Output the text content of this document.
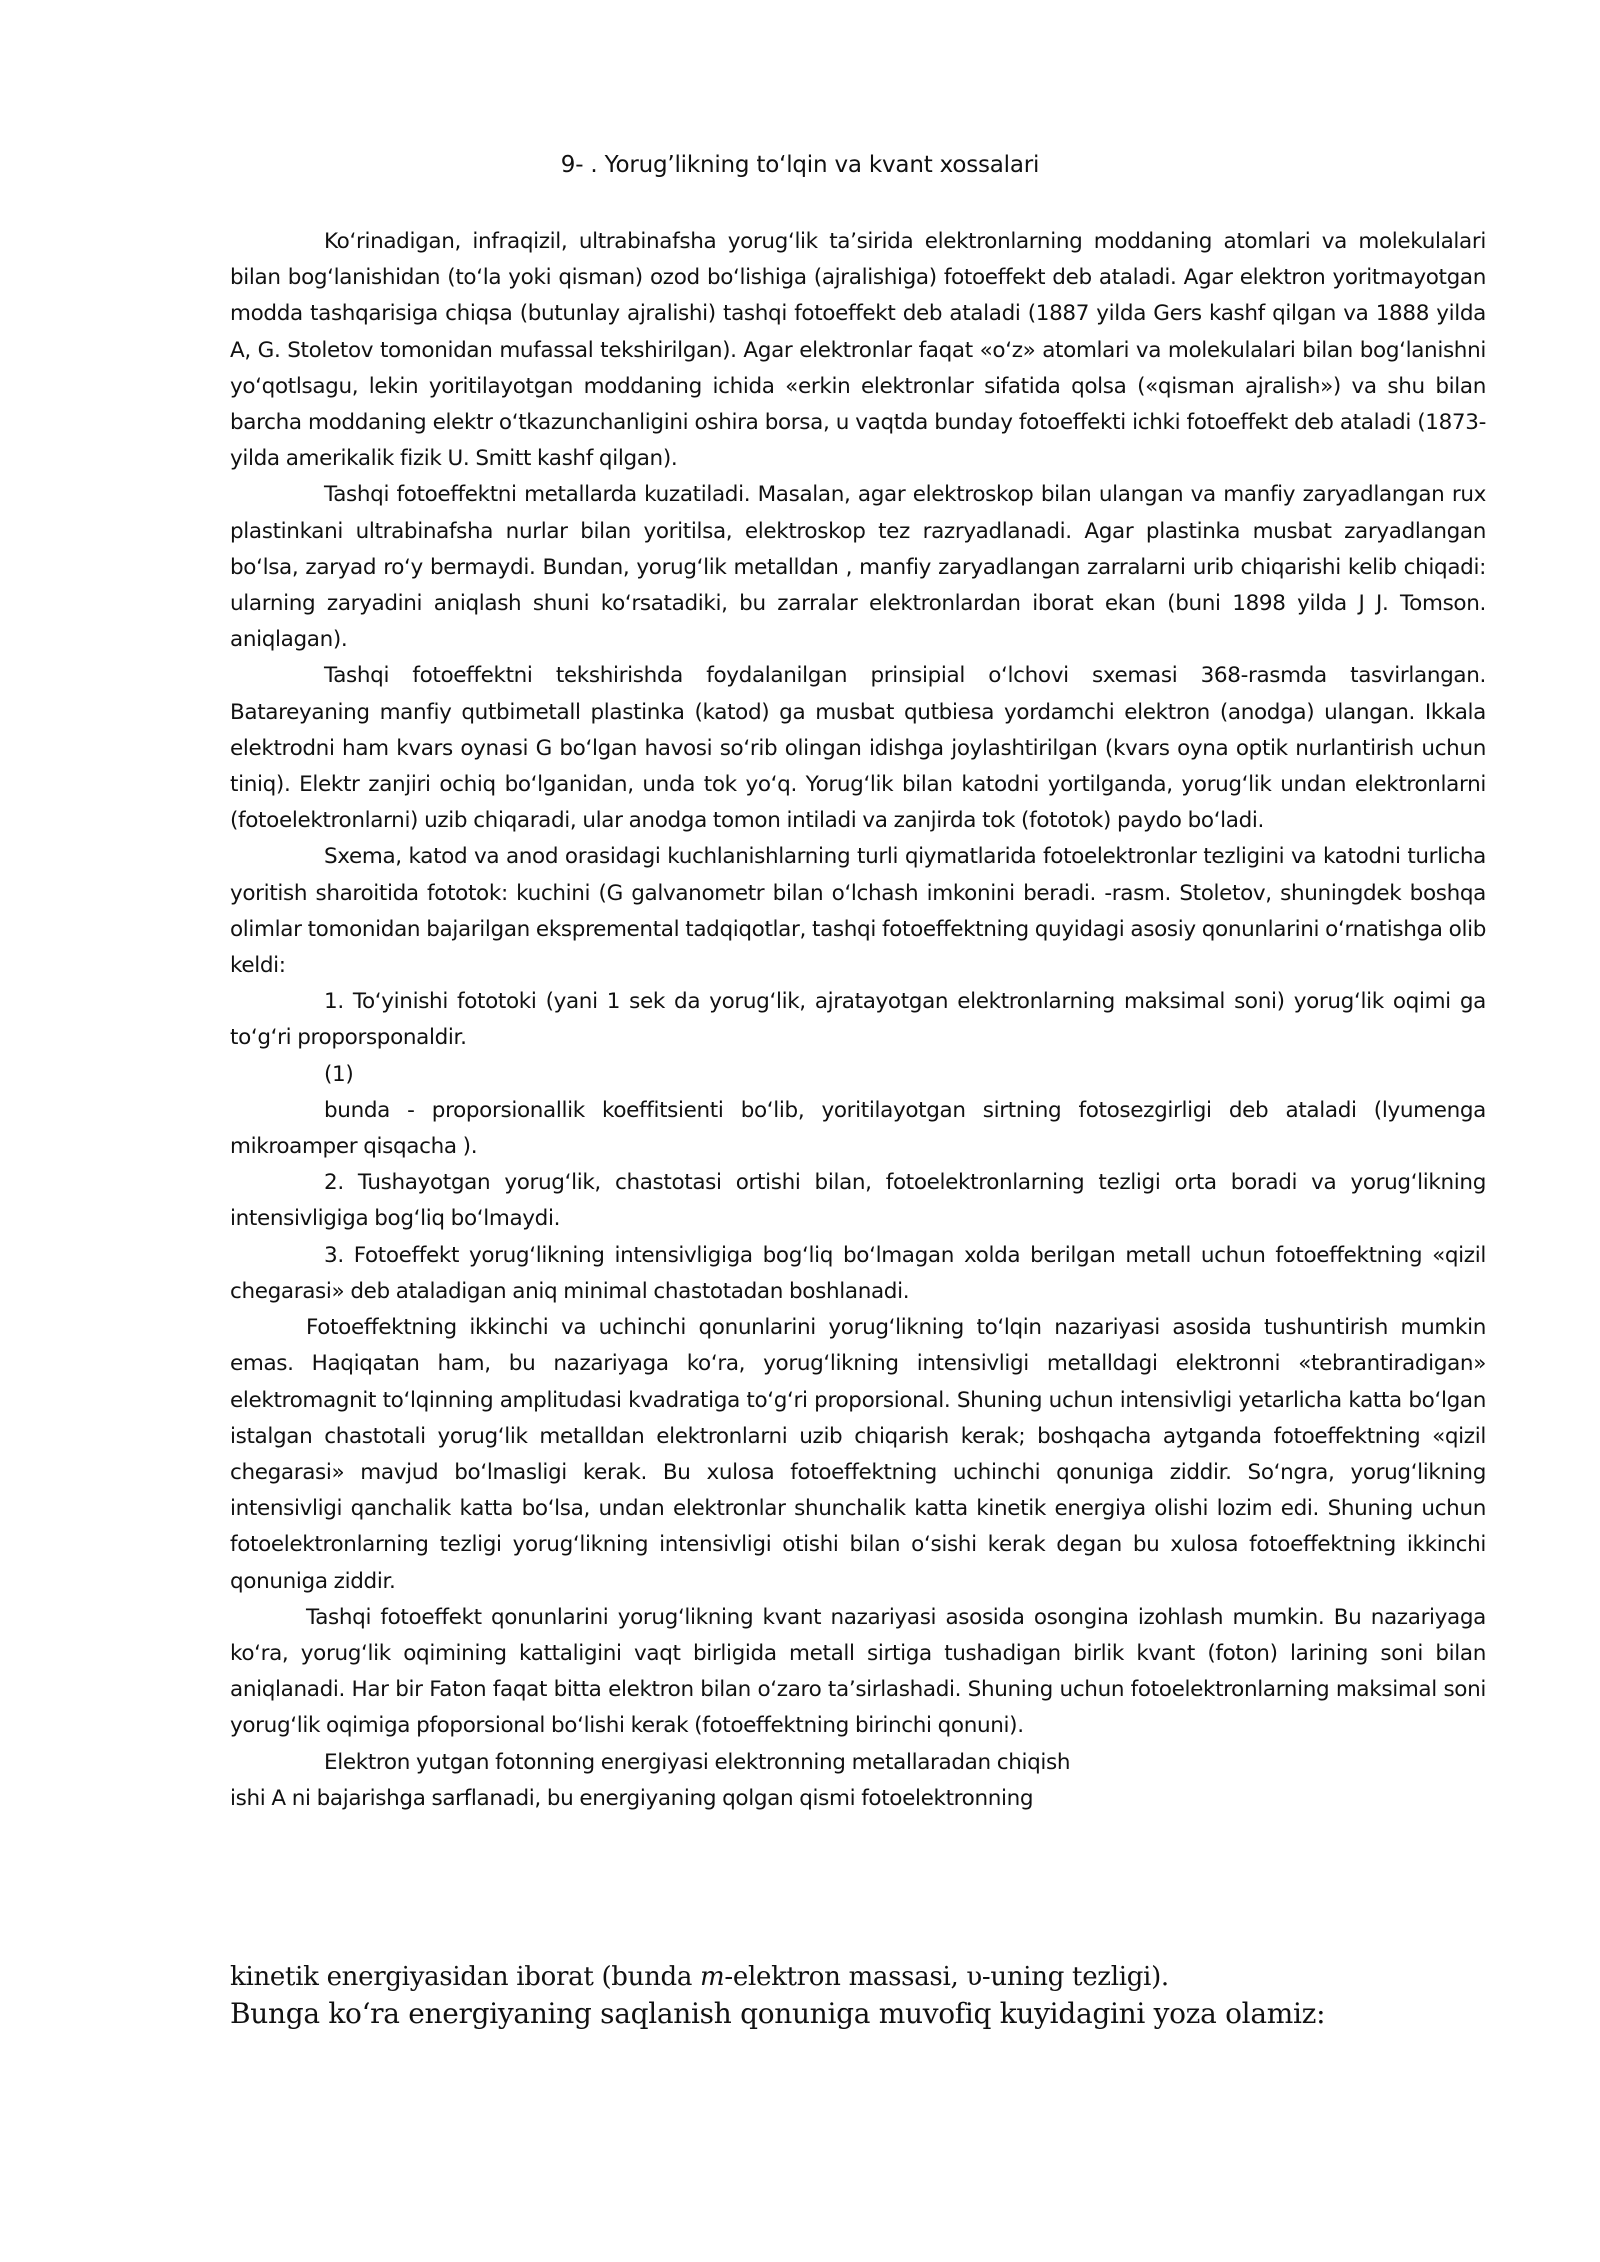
9- . Yorug’likning to‘lqin va kvant xossalari

Ko‘rinadigan, infraqizil, ultrabinafsha yorug‘lik ta’sirida elektronlarning moddaning atomlari va molekulalari bilan bog‘lanishidan (to‘la yoki qisman) ozod bo‘lishiga (ajralishiga) fotoeffekt deb ataladi. Agar elektron yoritmayotgan modda tashqarisiga chiqsa (butunlay ajralishi) tashqi fotoeffekt deb ataladi (1887 yilda Gers kashf qilgan va 1888 yilda A, G. Stoletov tomonidan mufassal tekshirilgan). Agar elektronlar faqat «o‘z» atomlari va molekulalari bilan bog‘lanishni yo‘qotlsagu, lekin yoritilayotgan moddaning ichida «erkin elektronlar sifatida qolsa («qisman ajralish») va shu bilan barcha moddaning elektr o‘tkazunchanligini oshira borsa, u vaqtda bunday fotoeffekti ichki fotoeffekt deb ataladi (1873-yilda amerikalik fizik U. Smitt kashf qilgan).

Tashqi fotoeffektni metallarda kuzatiladi. Masalan, agar elektroskop bilan ulangan va manfiy zaryadlangan rux plastinkani ultrabinafsha nurlar bilan yoritilsa, elektroskop tez razryadlanadi. Agar plastinka musbat zaryadlangan bo‘lsa, zaryad ro‘y bermaydi. Bundan, yorug‘lik metalldan , manfiy zaryadlangan zarralarni urib chiqarishi kelib chiqadi: ularning zaryadini aniqlash shuni ko‘rsatadiki, bu zarralar elektronlardan iborat ekan (buni 1898 yilda J J. Tomson. aniqlagan).

Tashqi fotoeffektni tekshirishda foydalanilgan prinsipial o‘lchovi sxemasi 368-rasmda tasvirlangan. Batareyaning manfiy qutbimetall plastinka (katod) ga musbat qutbiesa yordamchi elektron (anodga) ulangan. Ikkala elektrodni ham kvars oynasi G bo‘lgan havosi so‘rib olingan idishga joylashtirilgan (kvars oyna optik nurlantirish uchun tiniq). Elektr zanjiri ochiq bo‘lganidan, unda tok yo‘q. Yorug‘lik bilan katodni yortilganda, yorug‘lik undan elektronlarni (fotoelektronlarni) uzib chiqaradi, ular anodga tomon intiladi va zanjirda tok (fototok) paydo bo‘ladi.

Sxema, katod va anod orasidagi kuchlanishlarning turli qiymatlarida fotoelektronlar tezligini va katodni turlicha yoritish sharoitida fototok: kuchini (G galvanometr bilan o‘lchash imkonini beradi. -rasm. Stoletov, shuningdek boshqa olimlar tomonidan bajarilgan ekspremental tadqiqotlar, tashqi fotoeffektning quyidagi asosiy qonunlarini o‘rnatishga olib keldi:

1. To‘yinishi fototoki (yani 1 sek da yorug‘lik, ajratayotgan elektronlarning maksimal soni) yorug‘lik oqimi ga to‘g‘ri proporsponaldir.

(1)

bunda - proporsionallik koeffitsienti bo‘lib, yoritilayotgan sirtning fotosezgirligi deb ataladi (lyumenga mikroamper qisqacha ).

2. Tushayotgan yorug‘lik, chastotasi ortishi bilan, fotoelektronlarning tezligi orta boradi va yorug‘likning intensivligiga bog‘liq bo‘lmaydi.

3. Fotoeffekt yorug‘likning intensivligiga bog‘liq bo‘lmagan xolda berilgan metall uchun fotoeffektning «qizil chegarasi» deb ataladigan aniq minimal chastotadan boshlanadi.

Fotoeffektning ikkinchi va uchinchi qonunlarini yorug‘likning to‘lqin nazariyasi asosida tushuntirish mumkin emas. Haqiqatan ham, bu nazariyaga ko‘ra, yorug‘likning intensivligi metalldagi elektronni «tebrantiradigan» elektromagnit to‘lqinning amplitudasi kvadratiga to‘g‘ri proporsional. Shuning uchun intensivligi yetarlicha katta bo‘lgan istalgan chastotali yorug‘lik metalldan elektronlarni uzib chiqarish kerak; boshqacha aytganda fotoeffektning «qizil chegarasi» mavjud bo‘lmasligi kerak. Bu xulosa fotoeffektning uchinchi qonuniga ziddir. So‘ngra, yorug‘likning intensivligi qanchalik katta bo‘lsa, undan elektronlar shunchalik katta kinetik energiya olishi lozim edi. Shuning uchun fotoelektronlarning tezligi yorug‘likning intensivligi otishi bilan o‘sishi kerak degan bu xulosa fotoeffektning ikkinchi qonuniga ziddir.

Tashqi fotoeffekt qonunlarini yorug‘likning kvant nazariyasi asosida osongina izohlash mumkin. Bu nazariyaga ko‘ra, yorug‘lik oqimining kattaligini vaqt birligida metall sirtiga tushadigan birlik kvant (foton) larining soni bilan aniqlanadi. Har bir Faton faqat bitta elektron bilan o‘zaro ta’sirlashadi. Shuning uchun fotoelektronlarning maksimal soni yorug‘lik oqimiga pfoporsional bo‘lishi kerak (fotoeffektning birinchi qonuni).

Elektron yutgan fotonning energiyasi elektronning metallaradan chiqish

ishi A ni bajarishga sarflanadi, bu energiyaning qolgan qismi fotoelektronning

kinetik energiyasidan iborat (bunda m-elektron massasi, υ-uning tezligi).
Bunga ko‘ra energiyaning saqlanish qonuniga muvofiq kuyidagini yoza olamiz:
